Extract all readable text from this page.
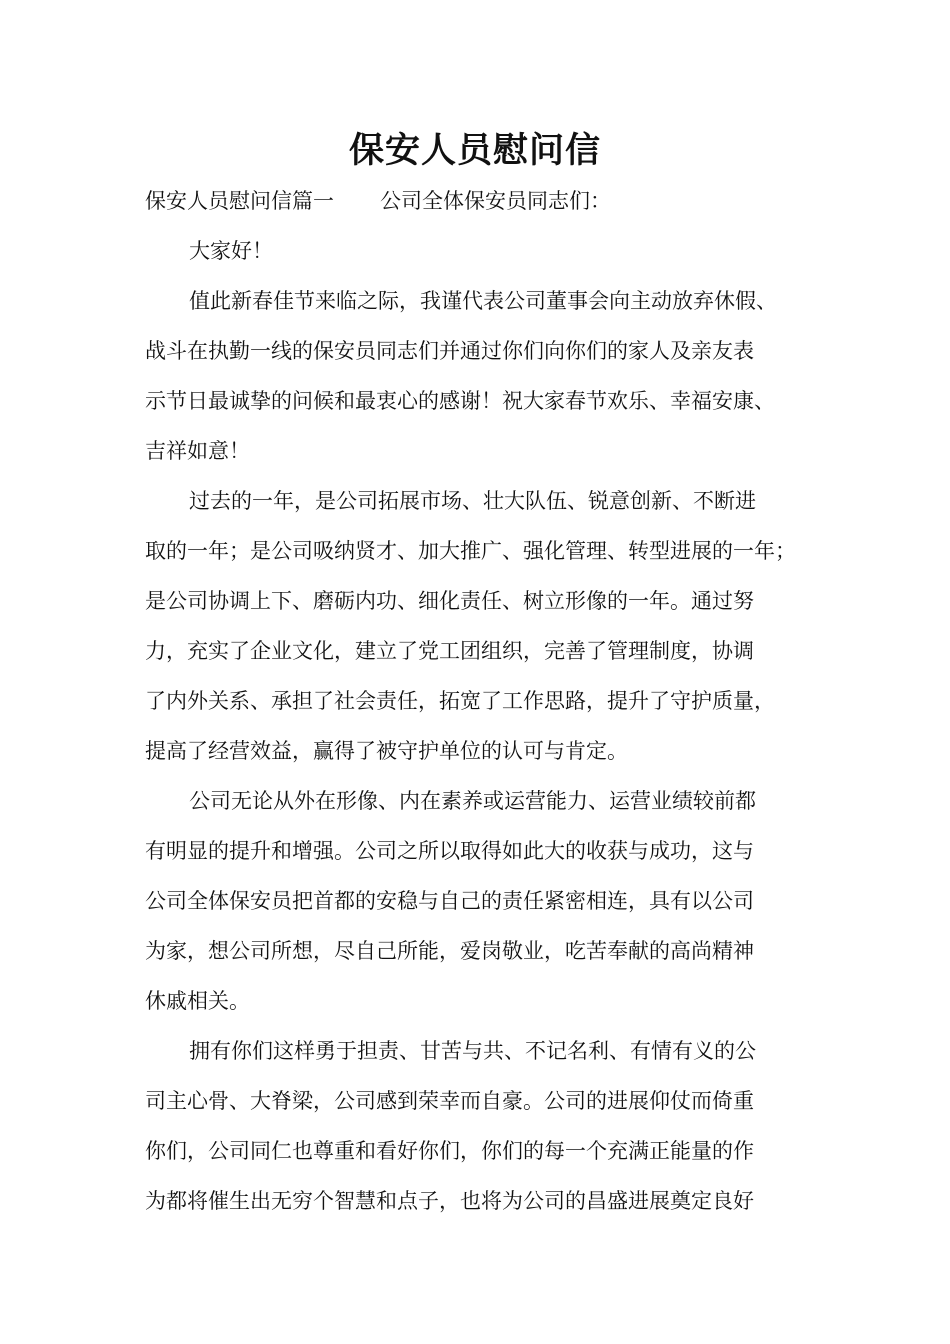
保安人员慰问信
保安人员慰问信篇一 公司全体保安员同志们：
大家好！
值此新春佳节来临之际，我谨代表公司董事会向主动放弃休假、
战斗在执勤一线的保安员同志们并通过你们向你们的家人及亲友表
示节日最诚挚的问候和最衷心的感谢！祝大家春节欢乐、幸福安康、
吉祥如意！
过去的一年，是公司拓展市场、壮大队伍、锐意创新、不断进
取的一年；是公司吸纳贤才、加大推广、强化管理、转型进展的一年；
是公司协调上下、磨砺内功、细化责任、树立形像的一年。通过努
力，充实了企业文化，建立了党工团组织，完善了管理制度，协调
了内外关系、承担了社会责任，拓宽了工作思路，提升了守护质量，
提高了经营效益，赢得了被守护单位的认可与肯定。
公司无论从外在形像、内在素养或运营能力、运营业绩较前都
有明显的提升和增强。公司之所以取得如此大的收获与成功，这与
公司全体保安员把首都的安稳与自己的责任紧密相连，具有以公司
为家，想公司所想，尽自己所能，爱岗敬业，吃苦奉献的高尚精神
休戚相关。
拥有你们这样勇于担责、甘苦与共、不记名利、有情有义的公
司主心骨、大脊梁，公司感到荣幸而自豪。公司的进展仰仗而倚重
你们，公司同仁也尊重和看好你们，你们的每一个充满正能量的作
为都将催生出无穷个智慧和点子，也将为公司的昌盛进展奠定良好
